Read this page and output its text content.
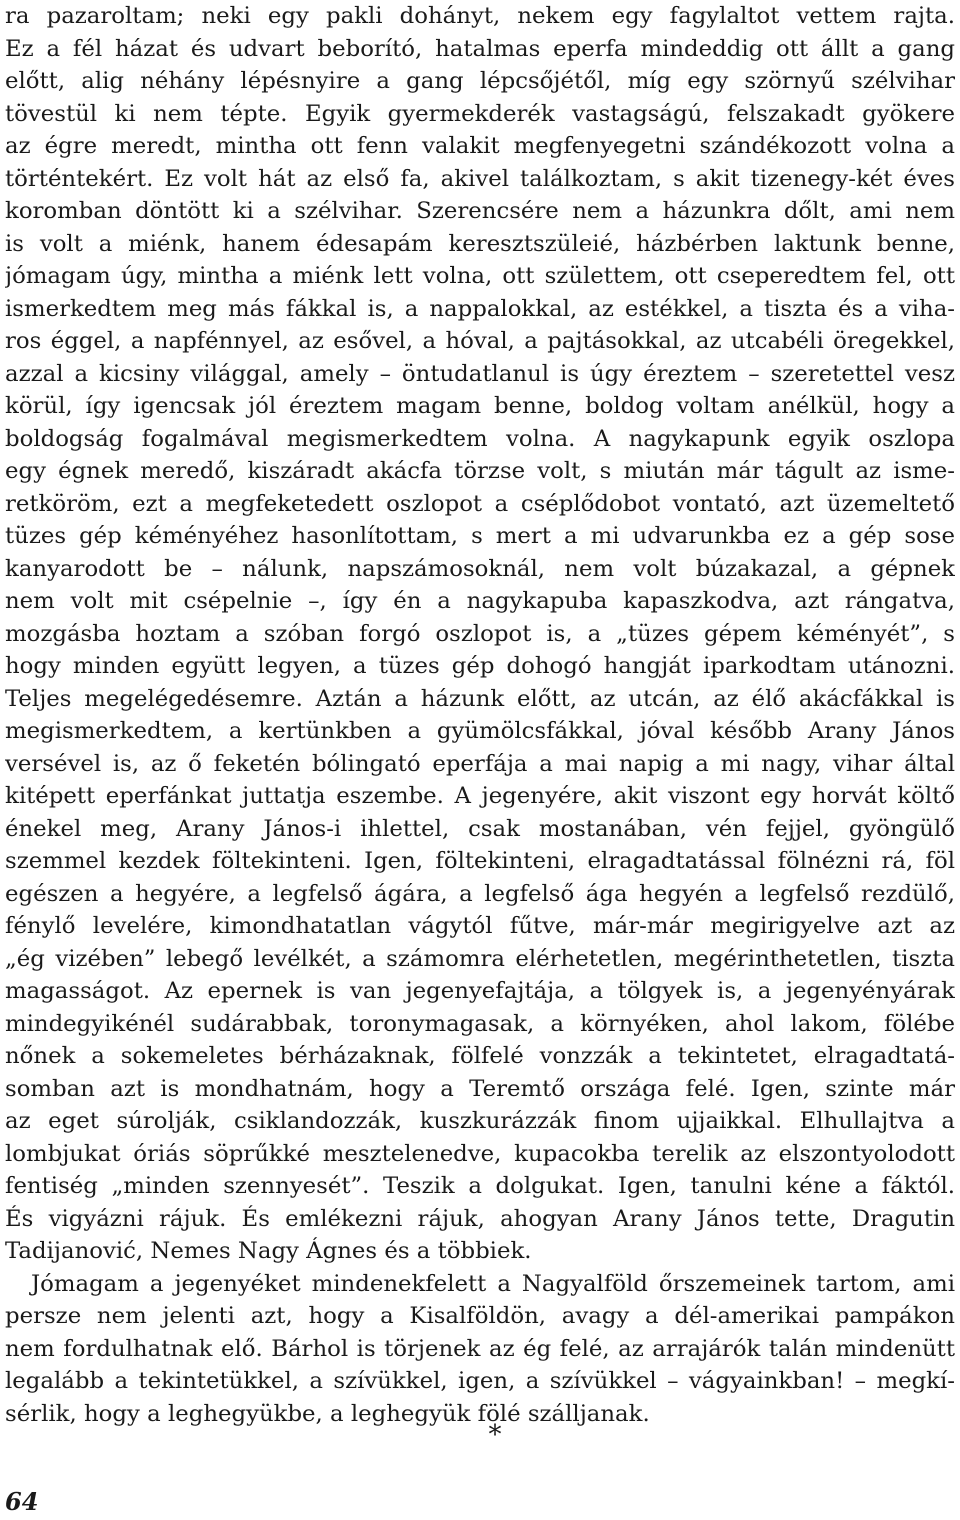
ra pazaroltam; neki egy pakli dohányt, nekem egy fagylaltot vettem rajta.
Ez a fél házat és udvart beborító, hatalmas eperfa mindeddig ott állt a gang
előtt, alig néhány lépésnyire a gang lépcsőjétől, míg egy szörnyű szélvihar
tövestül ki nem tépte. Egyik gyermekderék vastagságú, felszakadt gyökere
az égre meredt, mintha ott fenn valakit megfenyegetni szándékozott volna a
történtekért. Ez volt hát az első fa, akivel találkoztam, s akit tizenegy-két éves
koromban döntött ki a szélvihar. Szerencsére nem a házunkra dőlt, ami nem
is volt a miénk, hanem édesapám keresztszüleié, házbérben laktunk benne,
jómagam úgy, mintha a miénk lett volna, ott születtem, ott cseperedtem fel, ott
ismerkedtem meg más fákkal is, a nappalokkal, az estékkel, a tiszta és a viha-
ros éggel, a napfénnyel, az esővel, a hóval, a pajtásokkal, az utcabéli öregekkel,
azzal a kicsiny világgal, amely – öntudatlanul is úgy éreztem – szeretettel vesz
körül, így igencsak jól éreztem magam benne, boldog voltam anélkül, hogy a
boldogság fogalmával megismerkedtem volna. A nagykapunk egyik oszlopa
egy égnek meredő, kiszáradt akácfa törzse volt, s miután már tágult az isme-
retköröm, ezt a megfeketedett oszlopot a cséplődobot vontató, azt üzemeltető
tüzes gép kéményéhez hasonlítottam, s mert a mi udvarunkba ez a gép sose
kanyarodott be – nálunk, napszámosoknál, nem volt búzakazal, a gépnek
nem volt mit csépelnie –, így én a nagykapuba kapaszkodva, azt rángatva,
mozgásba hoztam a szóban forgó oszlopot is, a „tüzes gépem kéményét”, s
hogy minden együtt legyen, a tüzes gép dohogó hangját iparkodtam utánozni.
Teljes megelégedésemre. Aztán a házunk előtt, az utcán, az élő akácfákkal is
megismerkedtem, a kertünkben a gyümölcsfákkal, jóval később Arany János
versével is, az ő feketén bólingató eperfája a mai napig a mi nagy, vihar által
kitépett eperfánkat juttatja eszembe. A jegenyére, akit viszont egy horvát költő
énekel meg, Arany János-i ihlettel, csak mostanában, vén fejjel, gyöngülő
szemmel kezdek föltekinteni. Igen, föltekinteni, elragadtatással fölnézni rá, föl
egészen a hegyére, a legfelső ágára, a legfelső ága hegyén a legfelső rezdülő,
fénylő levelére, kimondhatatlan vágytól fűtve, már-már megirigyelve azt az
„ég vizében” lebegő levélkét, a számomra elérhetetlen, megérinthetetlen, tiszta
magasságot. Az epernek is van jegenyefajtája, a tölgyek is, a jegenyényárak
mindegyikénél sudárabbak, toronymagasak, a környéken, ahol lakom, fölébe
nőnek a sokemeletes bérházaknak, fölfelé vonzzák a tekintetet, elragadtatá-
somban azt is mondhatnám, hogy a Teremtő országa felé. Igen, szinte már
az eget súrolják, csiklandozzák, kuszkurázzák finom ujjaikkal. Elhullajtva a
lombjukat óriás söprűkké mesztelenedve, kupacokba terelik az elszontyolodott
fentiség „minden szennyesét”. Teszik a dolgukat. Igen, tanulni kéne a fáktól.
És vigyázni rájuk. És emlékezni rájuk, ahogyan Arany János tette, Dragutin
Tadijanović, Nemes Nagy Ágnes és a többiek.
Jómagam a jegenyéket mindenekfelett a Nagyalföld őrszemeinek tartom, ami
persze nem jelenti azt, hogy a Kisalföldön, avagy a dél-amerikai pampákon
nem fordulhatnak elő. Bárhol is törjenek az ég felé, az arrajárók talán mindenütt
legalább a tekintetükkel, a szívükkel, igen, a szívükkel – vágyainkban! – megkí-
sérlik, hogy a leghegyükbe, a leghegyük fölé szálljanak.
*
64
